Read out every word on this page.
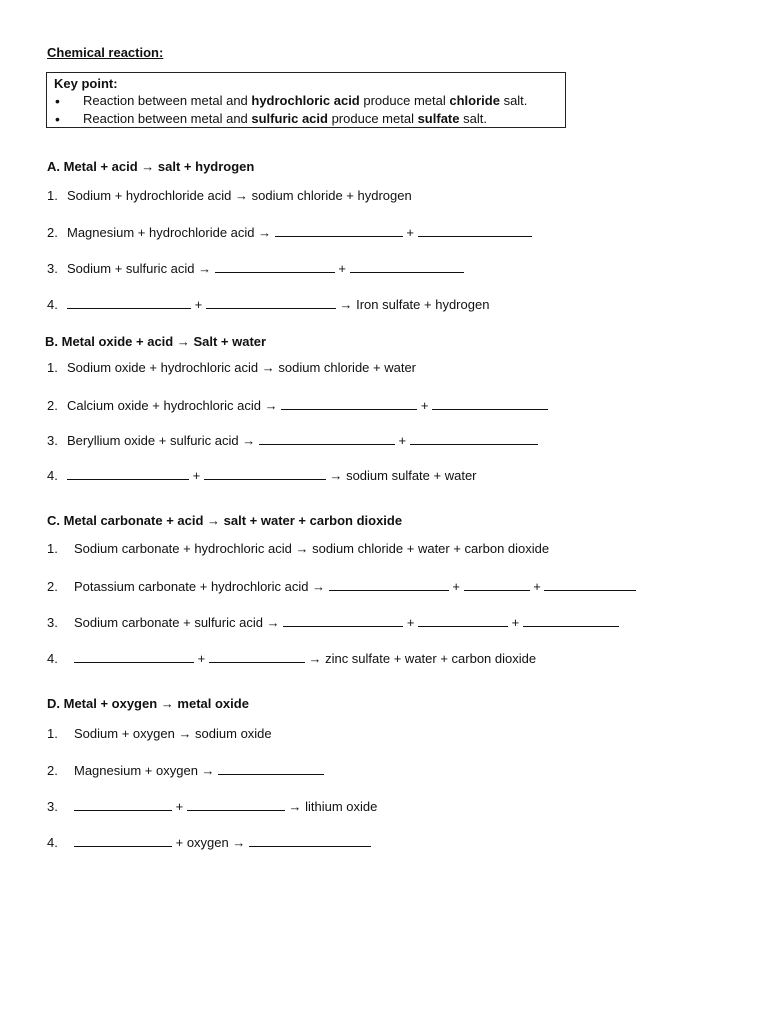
Chemical reaction:
Key point:
• Reaction between metal and hydrochloric acid produce metal chloride salt.
• Reaction between metal and sulfuric acid produce metal sulfate salt.
A. Metal + acid → salt + hydrogen
1. Sodium + hydrochloride acid → sodium chloride + hydrogen
2. Magnesium + hydrochloride acid →	+
3. Sodium + sulfuric acid →	+
4.	+	→ Iron sulfate + hydrogen
B. Metal oxide + acid → Salt + water
1. Sodium oxide + hydrochloric acid → sodium chloride + water
2. Calcium oxide + hydrochloric acid →	+
3. Beryllium oxide + sulfuric acid →	+
4.	+	→ sodium sulfate + water
C. Metal carbonate + acid → salt + water + carbon dioxide
1. Sodium carbonate + hydrochloric acid → sodium chloride + water + carbon dioxide
2. Potassium carbonate + hydrochloric acid →	+	+
3. Sodium carbonate + sulfuric acid →	+	+
4.	+	→ zinc sulfate + water + carbon dioxide
D. Metal + oxygen → metal oxide
1. Sodium + oxygen → sodium oxide
2. Magnesium + oxygen →
3.	+	→ lithium oxide
4.	+ oxygen →
